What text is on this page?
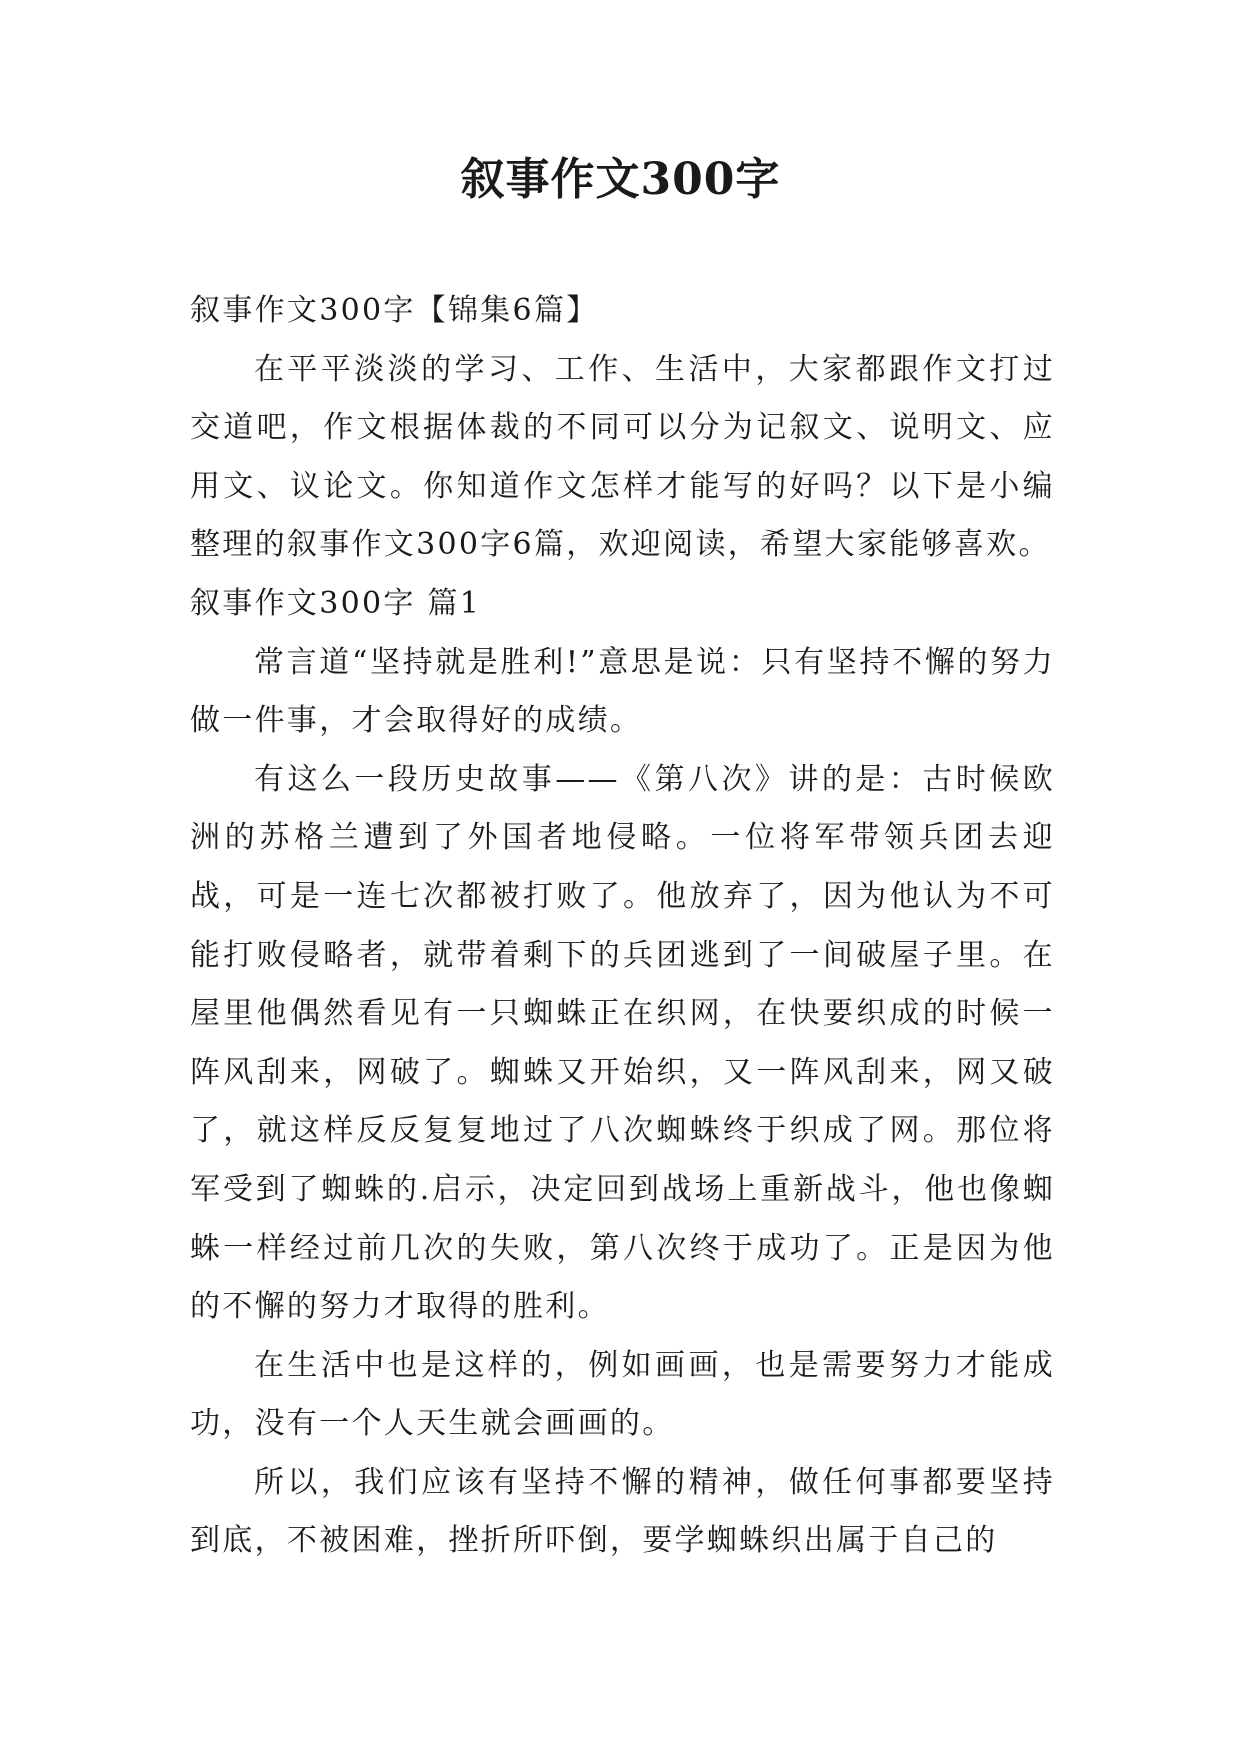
叙事作文300字

叙事作文300字【锦集6篇】

在平平淡淡的学习、工作、生活中，大家都跟作文打过交道吧，作文根据体裁的不同可以分为记叙文、说明文、应用文、议论文。你知道作文怎样才能写的好吗？以下是小编整理的叙事作文300字6篇，欢迎阅读，希望大家能够喜欢。

叙事作文300字 篇1

常言道“坚持就是胜利!”意思是说：只有坚持不懈的努力做一件事，才会取得好的成绩。

有这么一段历史故事——《第八次》讲的是：古时候欧洲的苏格兰遭到了外国者地侵略。一位将军带领兵团去迎战，可是一连七次都被打败了。他放弃了，因为他认为不可能打败侵略者，就带着剩下的兵团逃到了一间破屋子里。在屋里他偶然看见有一只蜘蛛正在织网，在快要织成的时候一阵风刮来，网破了。蜘蛛又开始织，又一阵风刮来，网又破了，就这样反反复复地过了八次蜘蛛终于织成了网。那位将军受到了蜘蛛的.启示，决定回到战场上重新战斗，他也像蜘蛛一样经过前几次的失败，第八次终于成功了。正是因为他的不懈的努力才取得的胜利。

在生活中也是这样的，例如画画，也是需要努力才能成功，没有一个人天生就会画画的。

所以，我们应该有坚持不懈的精神，做任何事都要坚持到底，不被困难，挫折所吓倒，要学蜘蛛织出属于自己的
